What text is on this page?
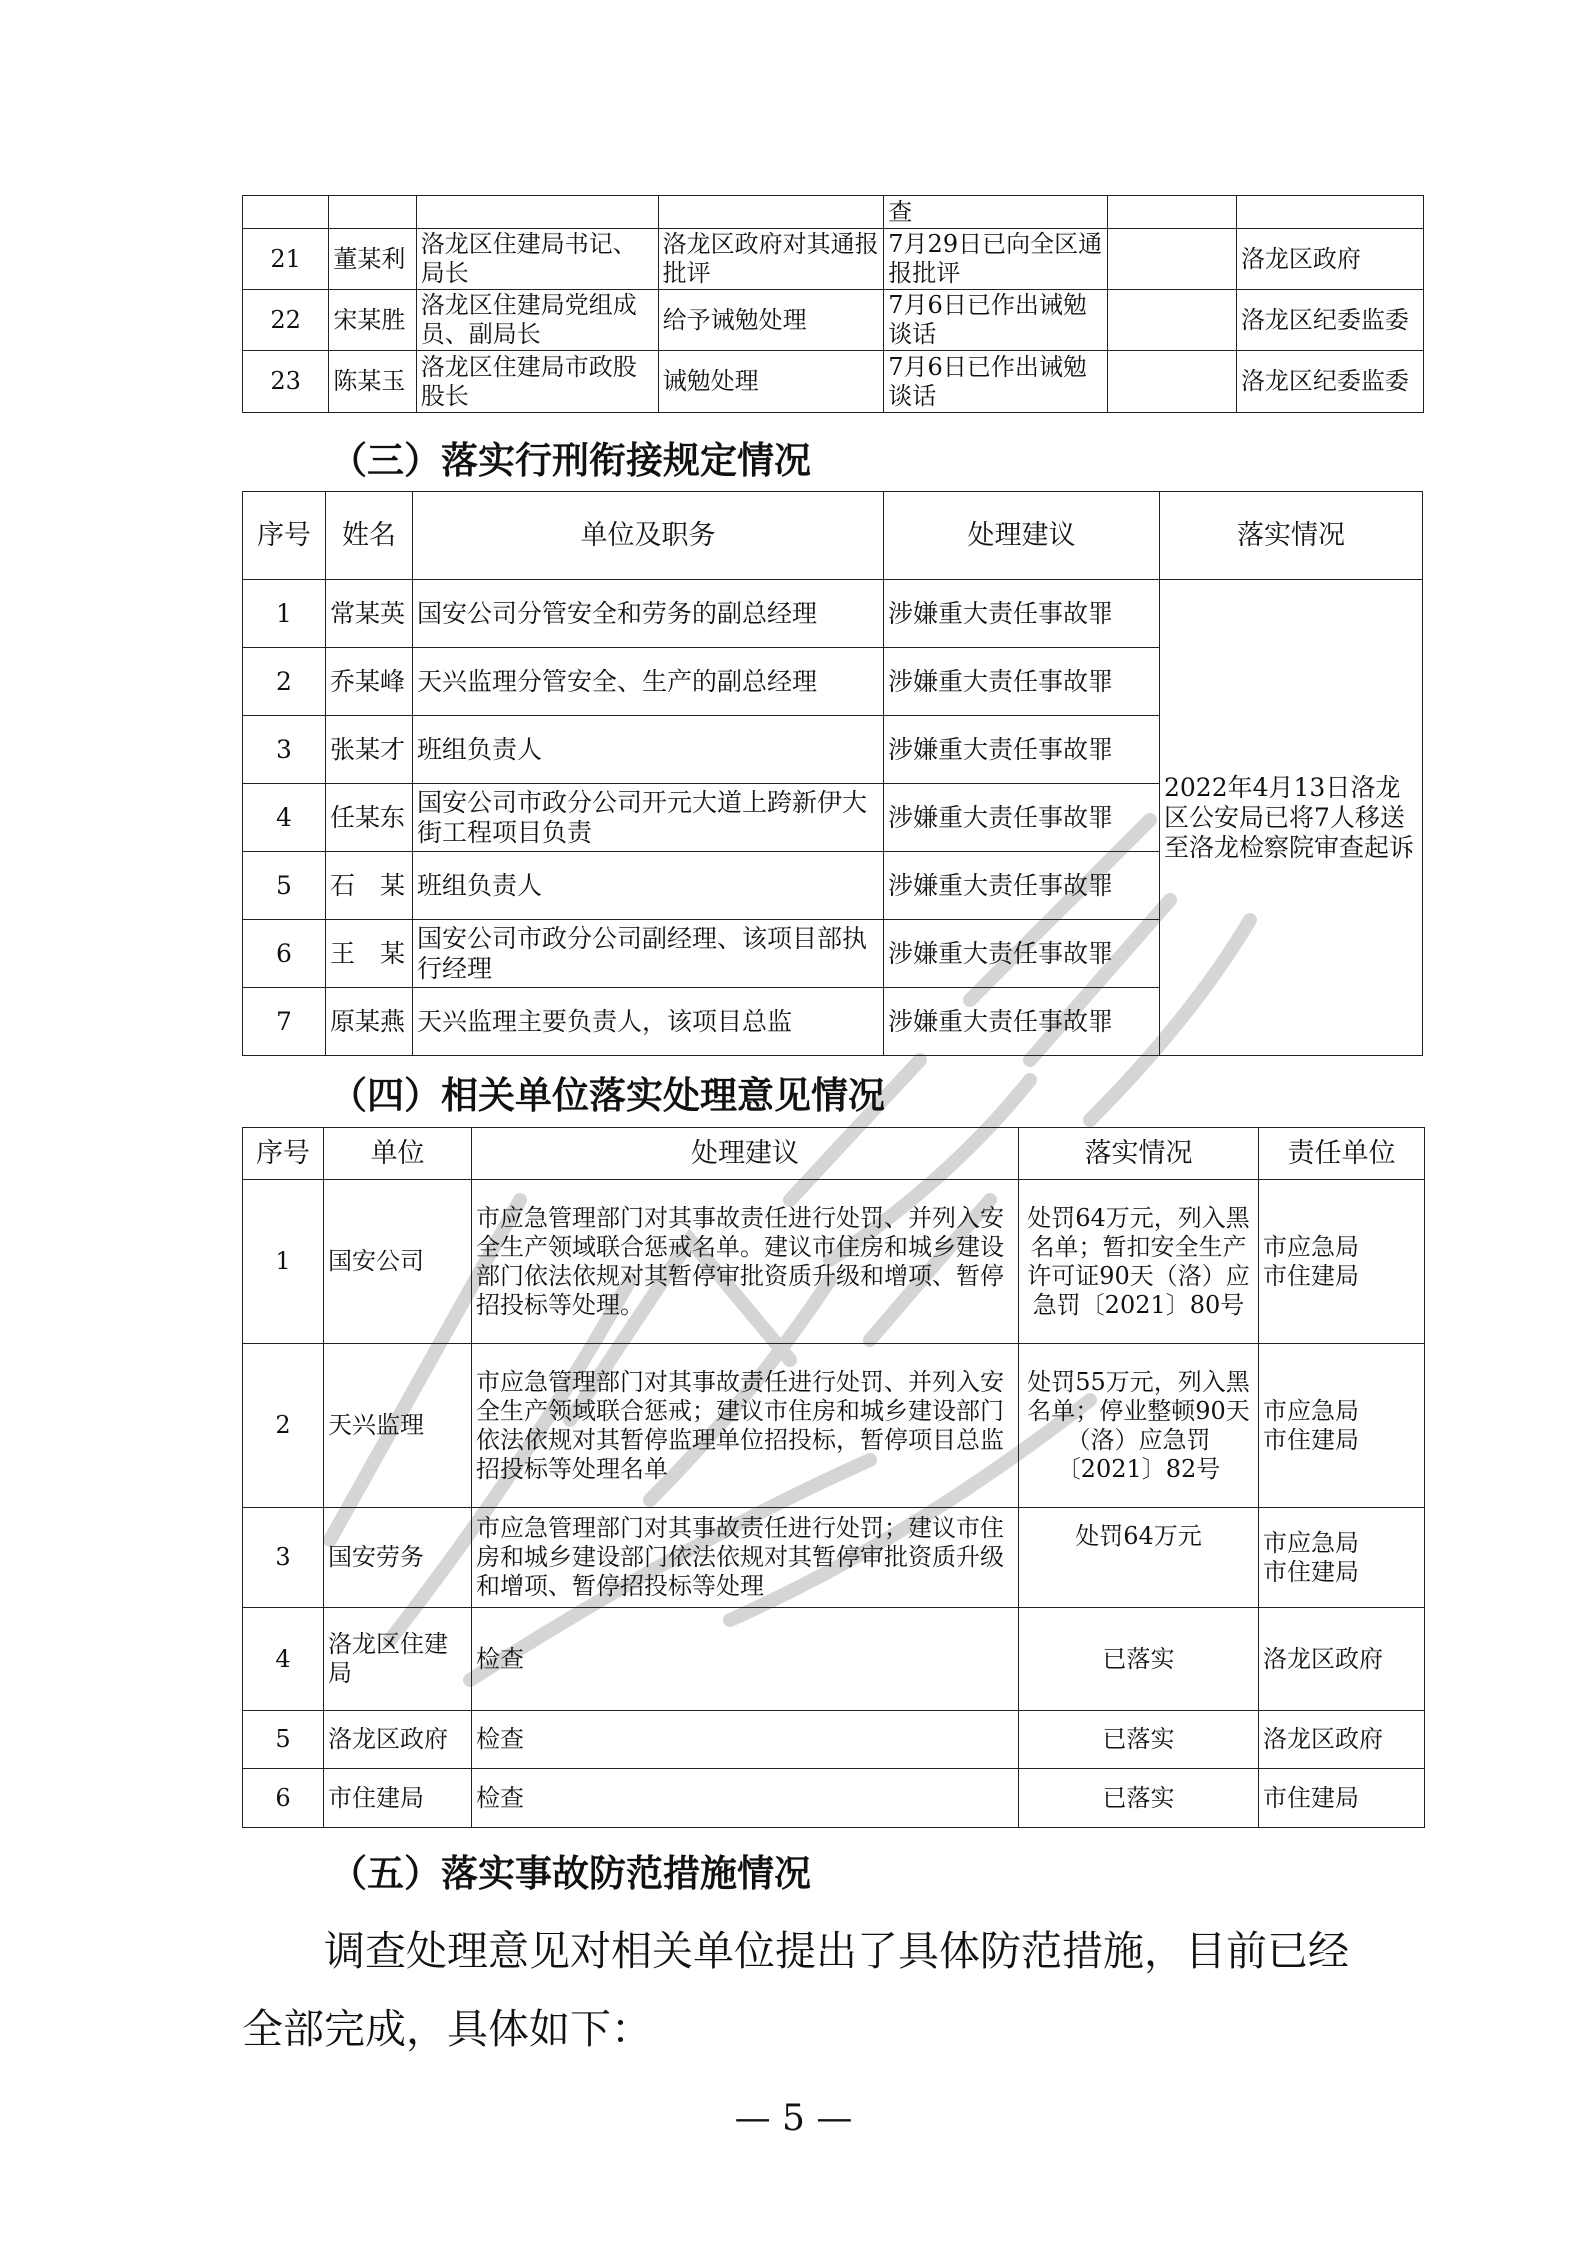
				查		
21	董某利	洛龙区住建局书记、局长	洛龙区政府对其通报批评	7月29日已向全区通报批评		洛龙区政府
22	宋某胜	洛龙区住建局党组成员、副局长	给予诫勉处理	7月6日已作出诫勉谈话		洛龙区纪委监委
23	陈某玉	洛龙区住建局市政股股长	诫勉处理	7月6日已作出诫勉谈话		洛龙区纪委监委
（三）落实行刑衔接规定情况
序号	姓名	单位及职务	处理建议	落实情况
1	常某英	国安公司分管安全和劳务的副总经理	涉嫌重大责任事故罪	2022年4月13日洛龙区公安局已将7人移送至洛龙检察院审查起诉
2	乔某峰	天兴监理分管安全、生产的副总经理	涉嫌重大责任事故罪	
3	张某才	班组负责人	涉嫌重大责任事故罪	
4	任某东	国安公司市政分公司开元大道上跨新伊大街工程项目负责	涉嫌重大责任事故罪	
5	石　某	班组负责人	涉嫌重大责任事故罪	
6	王　某	国安公司市政分公司副经理、该项目部执行经理	涉嫌重大责任事故罪	
7	原某燕	天兴监理主要负责人，该项目总监	涉嫌重大责任事故罪	
（四）相关单位落实处理意见情况
序号	单位	处理建议	落实情况	责任单位
1	国安公司	市应急管理部门对其事故责任进行处罚、并列入安全生产领域联合惩戒名单。建议市住房和城乡建设部门依法依规对其暂停审批资质升级和增项、暂停招投标等处理。	处罚64万元，列入黑名单；暂扣安全生产许可证90天（洛）应急罚〔2021〕80号	市应急局
市住建局
2	天兴监理	市应急管理部门对其事故责任进行处罚、并列入安全生产领域联合惩戒；建议市住房和城乡建设部门依法依规对其暂停监理单位招投标，暂停项目总监招投标等处理名单	处罚55万元，列入黑名单；停业整顿90天（洛）应急罚〔2021〕82号	市应急局
市住建局
3	国安劳务	市应急管理部门对其事故责任进行处罚；建议市住房和城乡建设部门依法依规对其暂停审批资质升级和增项、暂停招投标等处理	处罚64万元	市应急局
市住建局
4	洛龙区住建局	检查	已落实	洛龙区政府
5	洛龙区政府	检查	已落实	洛龙区政府
6	市住建局	检查	已落实	市住建局
（五）落实事故防范措施情况

调查处理意见对相关单位提出了具体防范措施，目前已经全部完成，具体如下：

— 5 —
